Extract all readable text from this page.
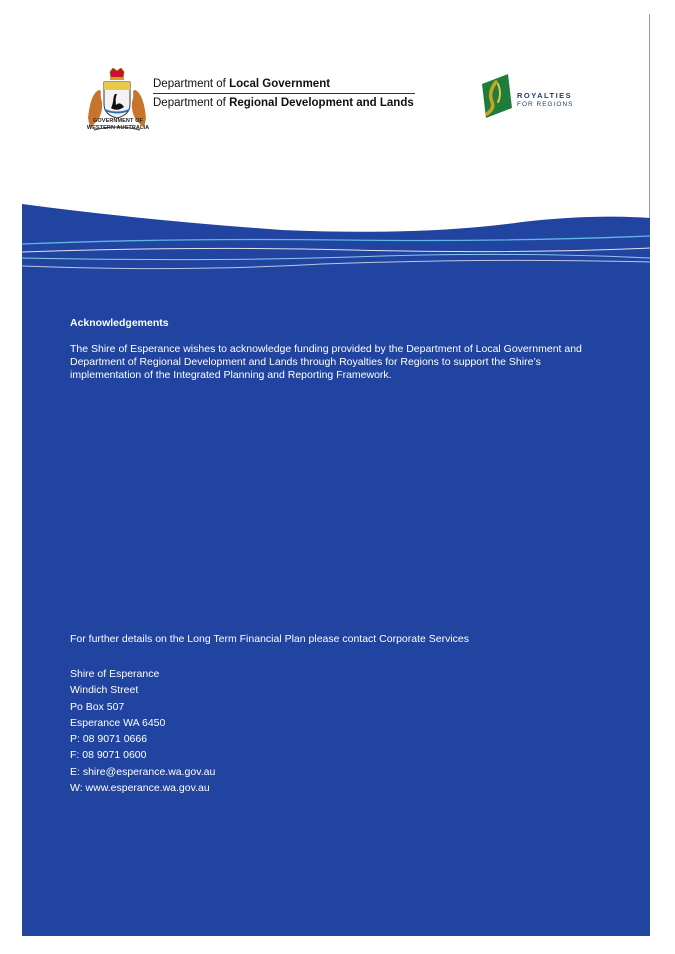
GOVERNMENT OF
WESTERN AUSTRALIA
Department of Local Government
Department of Regional Development and Lands
ROYALTIES
FOR REGIONS
Acknowledgements
The Shire of Esperance wishes to acknowledge funding provided by the Department of Local Government and Department of Regional Development and Lands through Royalties for Regions to support the Shire’s implementation of the Integrated Planning and Reporting Framework.
For further details on the Long Term Financial Plan please contact Corporate Services
Shire of Esperance
Windich Street
Po Box 507
Esperance WA 6450
P: 08 9071 0666
F: 08 9071 0600
E: shire@esperance.wa.gov.au
W: www.esperance.wa.gov.au
